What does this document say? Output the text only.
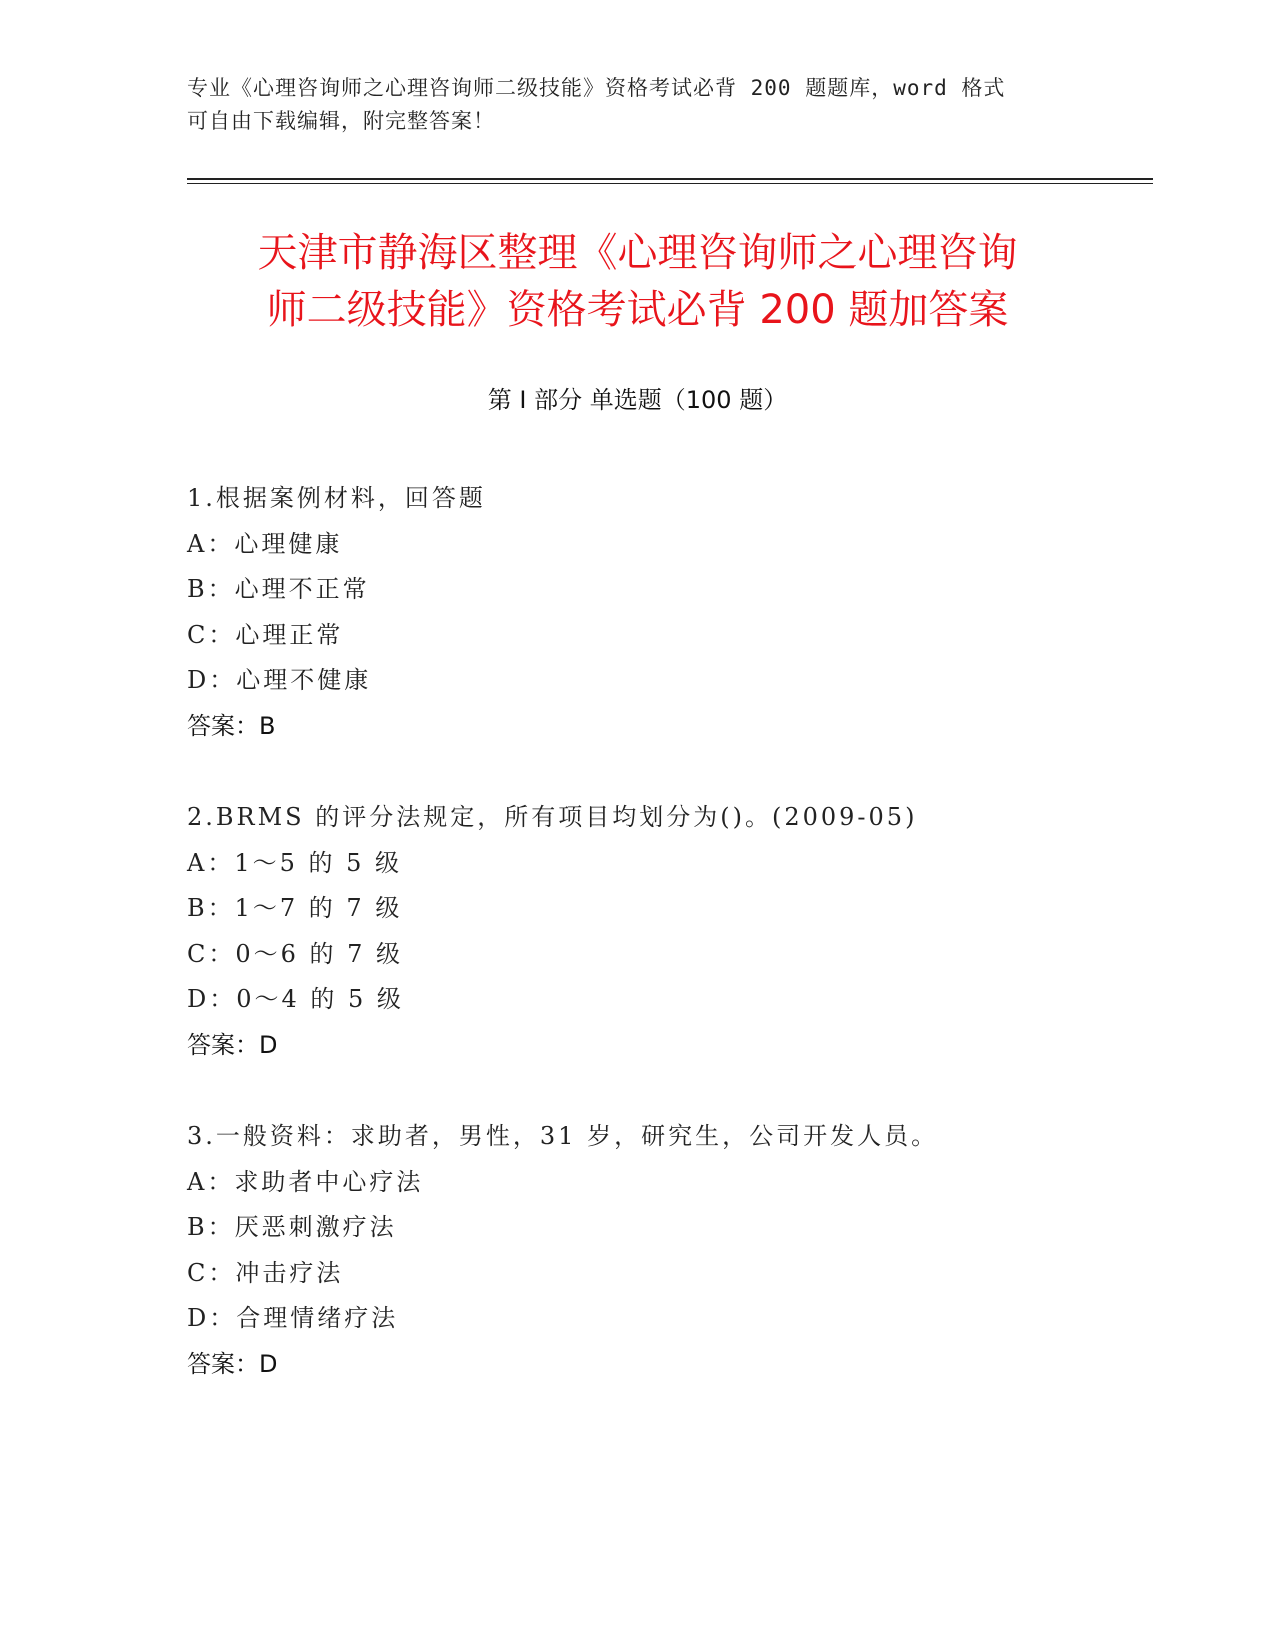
专业《心理咨询师之心理咨询师二级技能》资格考试必背 200 题题库，word 格式
可自由下载编辑，附完整答案！
天津市静海区整理《心理咨询师之心理咨询
师二级技能》资格考试必背 200 题加答案
第 I 部分 单选题（100 题）
1.根据案例材料，回答题
A：心理健康
B：心理不正常
C：心理正常
D：心理不健康
答案：B
2.BRMS 的评分法规定，所有项目均划分为()。(2009-05)
A：1～5 的 5 级
B：1～7 的 7 级
C：0～6 的 7 级
D：0～4 的 5 级
答案：D
3.一般资料：求助者，男性，31 岁，研究生，公司开发人员。
A：求助者中心疗法
B：厌恶刺激疗法
C：冲击疗法
D：合理情绪疗法
答案：D
